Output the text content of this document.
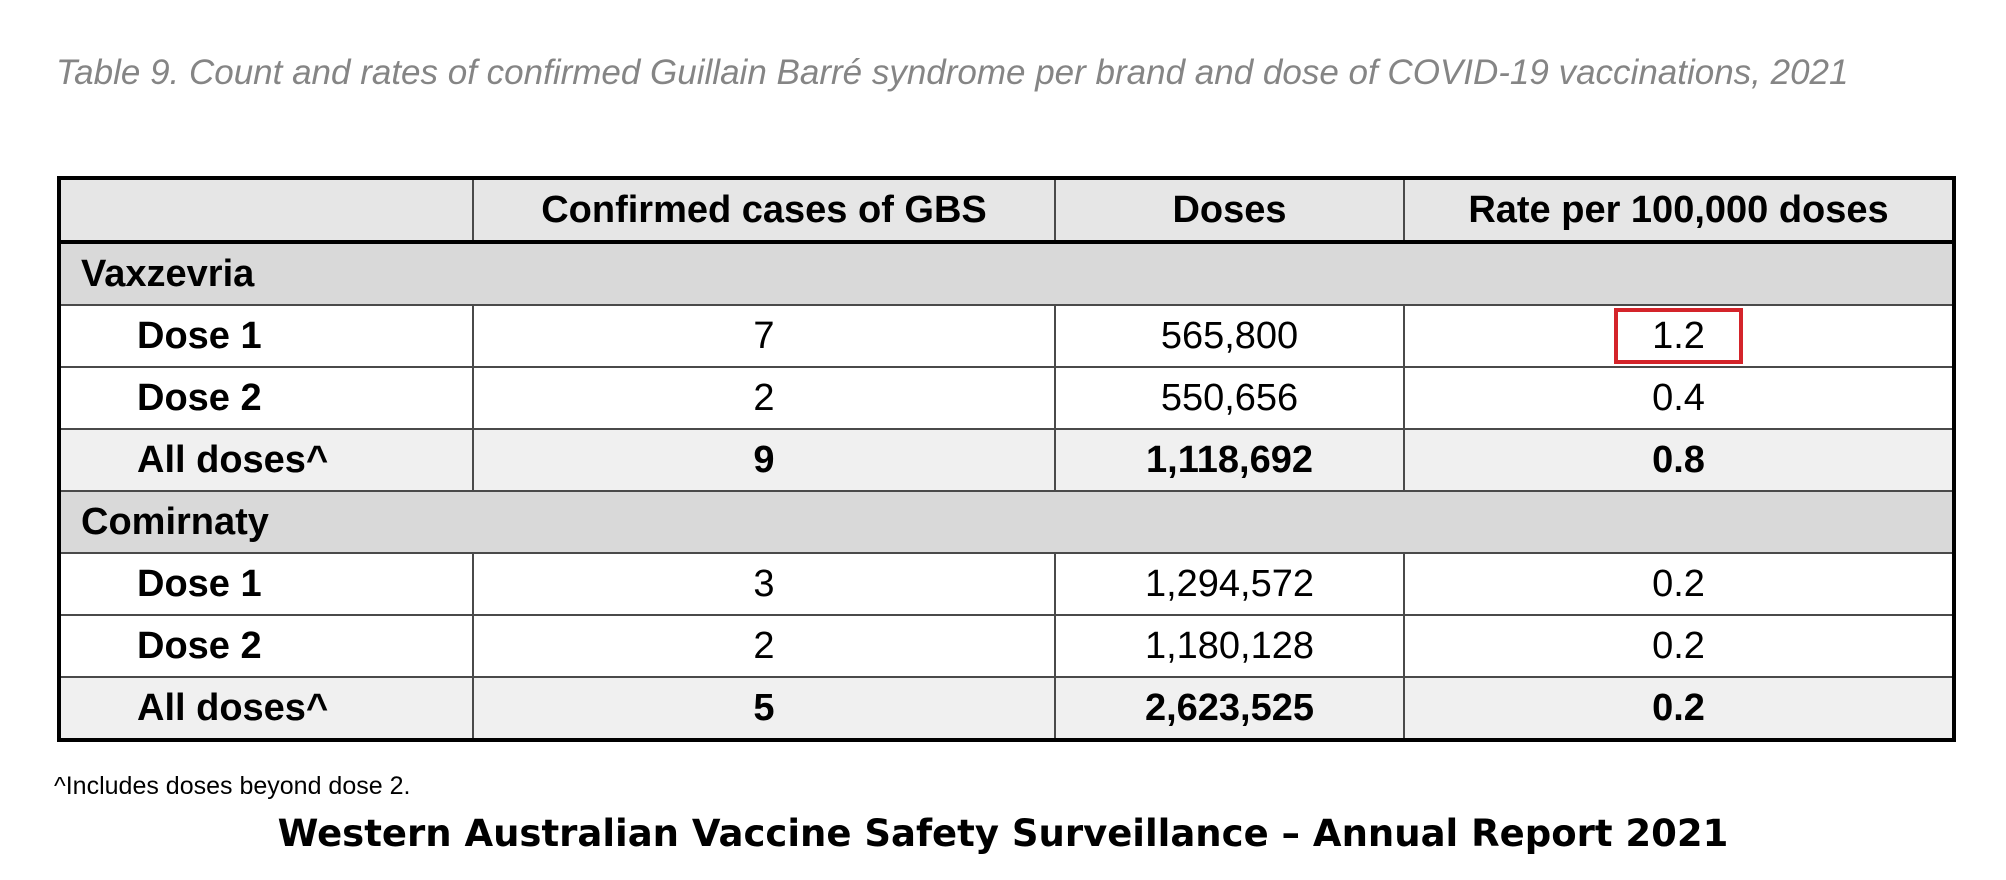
Table 9. Count and rates of confirmed Guillain Barré syndrome per brand and dose of COVID-19 vaccinations, 2021
	Confirmed cases of GBS	Doses	Rate per 100,000 doses
Vaxzevria			
Dose 1	7	565,800	1.2
Dose 2	2	550,656	0.4
All doses^	9	1,118,692	0.8
Comirnaty			
Dose 1	3	1,294,572	0.2
Dose 2	2	1,180,128	0.2
All doses^	5	2,623,525	0.2
^Includes doses beyond dose 2.
Western Australian Vaccine Safety Surveillance – Annual Report 2021
